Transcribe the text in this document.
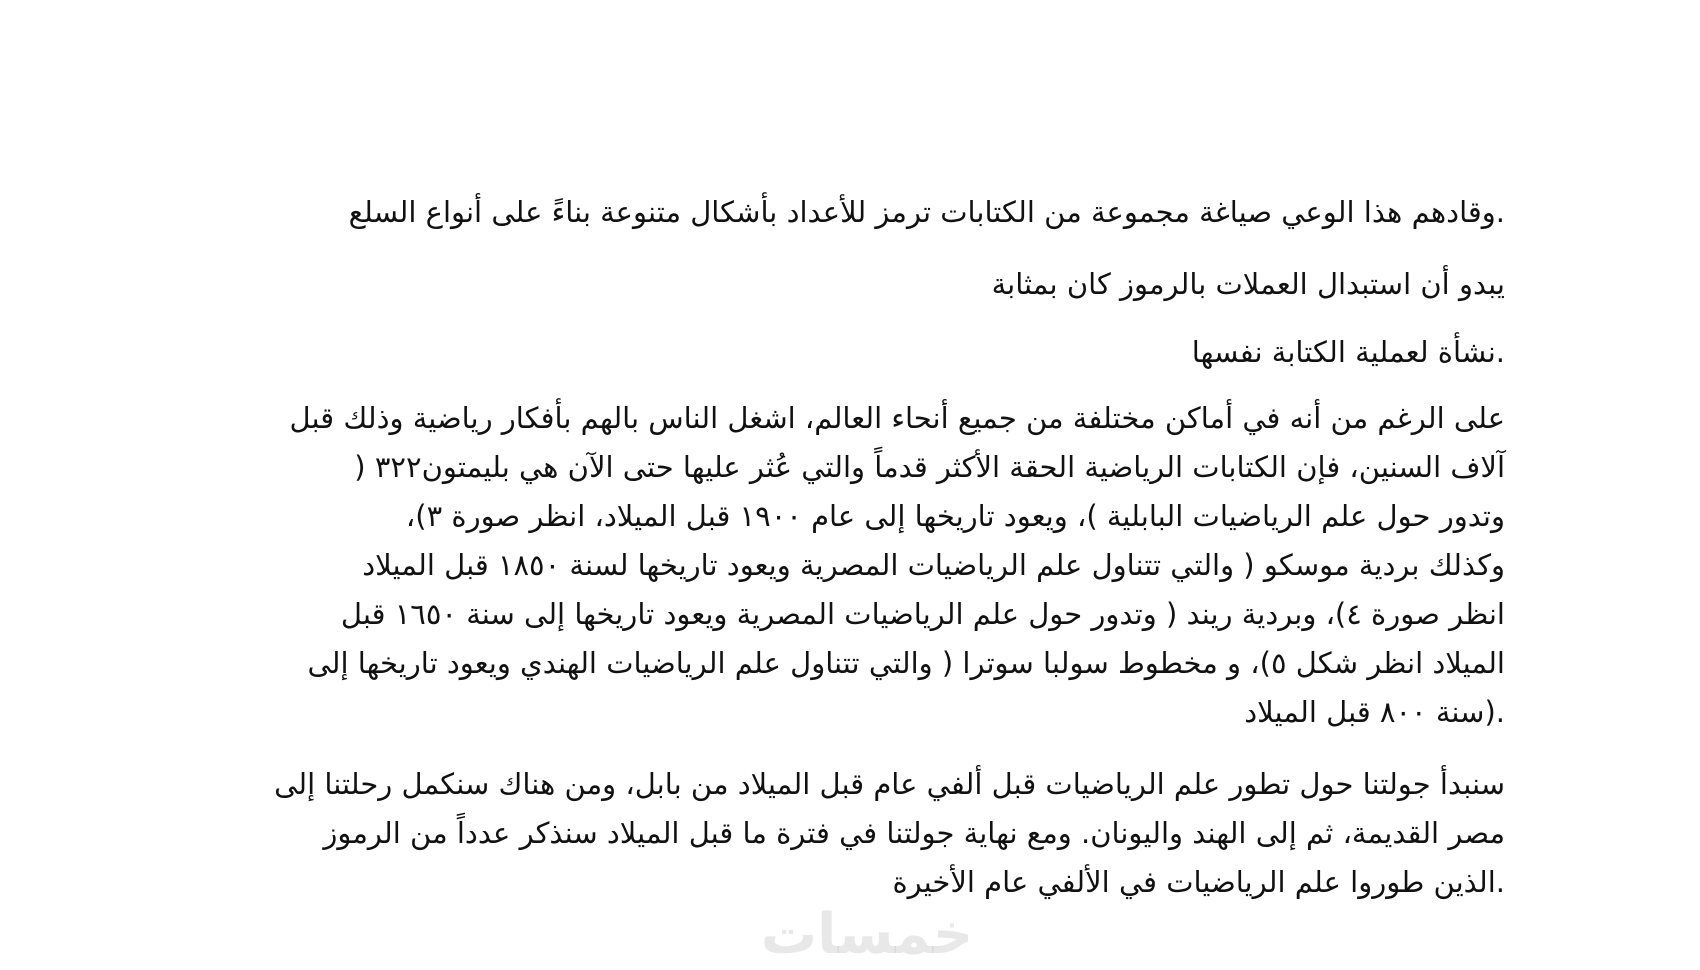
.وقادهم هذا الوعي صياغة مجموعة من الكتابات ترمز للأعداد بأشكال متنوعة بناءً على أنواع السلع
يبدو أن استبدال العملات بالرموز كان بمثابة
.نشأة لعملية الكتابة نفسها
على الرغم من أنه في أماكن مختلفة من جميع أنحاء العالم، اشغل الناس بالهم بأفكار رياضية وذلك قبل
آلاف السنين، فإن الكتابات الرياضية الحقة الأكثر قدماً والتي عُثر عليها حتى الآن هي بليمتون٣٢٢ (
وتدور حول علم الرياضيات البابلية )، ويعود تاريخها إلى عام ١٩٠٠ قبل الميلاد، انظر صورة ٣)،
وكذلك بردية موسكو ( والتي تتناول علم الرياضيات المصرية ويعود تاريخها لسنة ١٨٥٠ قبل الميلاد
انظر صورة ٤)، وبردية ريند ( وتدور حول علم الرياضيات المصرية ويعود تاريخها إلى سنة ١٦٥٠ قبل
الميلاد انظر شكل ٥)، و مخطوط سولبا سوترا ( والتي تتناول علم الرياضيات الهندي ويعود تاريخها إلى
.(سنة ٨٠٠ قبل الميلاد
سنبدأ جولتنا حول تطور علم الرياضيات قبل ألفي عام قبل الميلاد من بابل، ومن هناك سنكمل رحلتنا إلى
مصر القديمة، ثم إلى الهند واليونان. ومع نهاية جولتنا في فترة ما قبل الميلاد سنذكر عدداً من الرموز
.الذين طوروا علم الرياضيات في الألفي عام الأخيرة
خمسات
